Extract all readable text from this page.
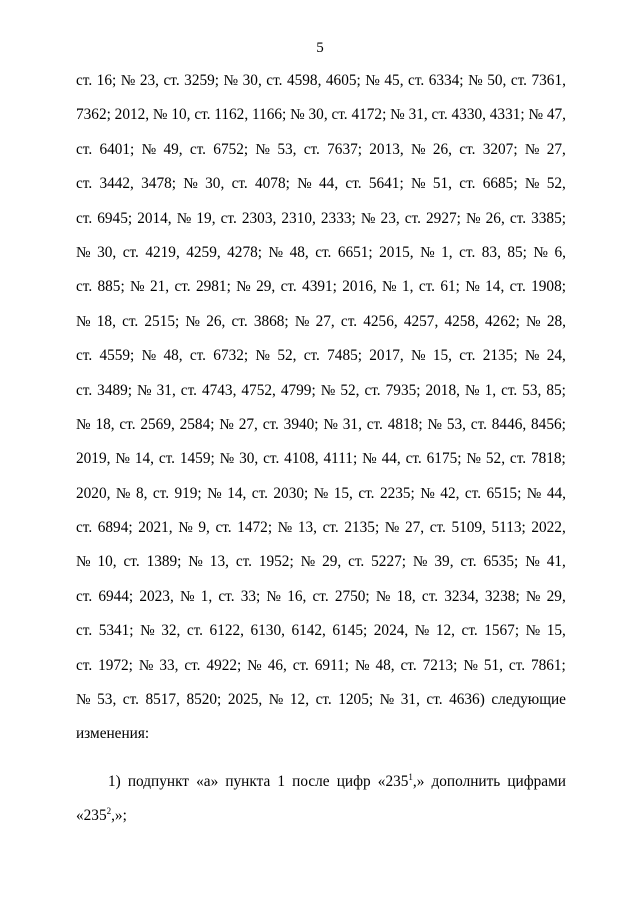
5
ст. 16; № 23, ст. 3259; № 30, ст. 4598, 4605; № 45, ст. 6334; № 50, ст. 7361,
7362; 2012, № 10, ст. 1162, 1166; № 30, ст. 4172; № 31, ст. 4330, 4331; № 47,
ст. 6401; № 49, ст. 6752; № 53, ст. 7637; 2013, № 26, ст. 3207; № 27,
ст. 3442, 3478; № 30, ст. 4078; № 44, ст. 5641; № 51, ст. 6685; № 52,
ст. 6945; 2014, № 19, ст. 2303, 2310, 2333; № 23, ст. 2927; № 26, ст. 3385;
№ 30, ст. 4219, 4259, 4278; № 48, ст. 6651; 2015, № 1, ст. 83, 85; № 6,
ст. 885; № 21, ст. 2981; № 29, ст. 4391; 2016, № 1, ст. 61; № 14, ст. 1908;
№ 18, ст. 2515; № 26, ст. 3868; № 27, ст. 4256, 4257, 4258, 4262; № 28,
ст. 4559; № 48, ст. 6732; № 52, ст. 7485; 2017, № 15, ст. 2135; № 24,
ст. 3489; № 31, ст. 4743, 4752, 4799; № 52, ст. 7935; 2018, № 1, ст. 53, 85;
№ 18, ст. 2569, 2584; № 27, ст. 3940; № 31, ст. 4818; № 53, ст. 8446, 8456;
2019, № 14, ст. 1459; № 30, ст. 4108, 4111; № 44, ст. 6175; № 52, ст. 7818;
2020, № 8, ст. 919; № 14, ст. 2030; № 15, ст. 2235; № 42, ст. 6515; № 44,
ст. 6894; 2021, № 9, ст. 1472; № 13, ст. 2135; № 27, ст. 5109, 5113; 2022,
№ 10, ст. 1389; № 13, ст. 1952; № 29, ст. 5227; № 39, ст. 6535; № 41,
ст. 6944; 2023, № 1, ст. 33; № 16, ст. 2750; № 18, ст. 3234, 3238; № 29,
ст. 5341; № 32, ст. 6122, 6130, 6142, 6145; 2024, № 12, ст. 1567; № 15,
ст. 1972; № 33, ст. 4922; № 46, ст. 6911; № 48, ст. 7213; № 51, ст. 7861;
№ 53, ст. 8517, 8520; 2025, № 12, ст. 1205; № 31, ст. 4636) следующие
изменения:
1) подпункт «а» пункта 1 после цифр «$235^1$,» дополнить цифрами
«$235^2$,»;
